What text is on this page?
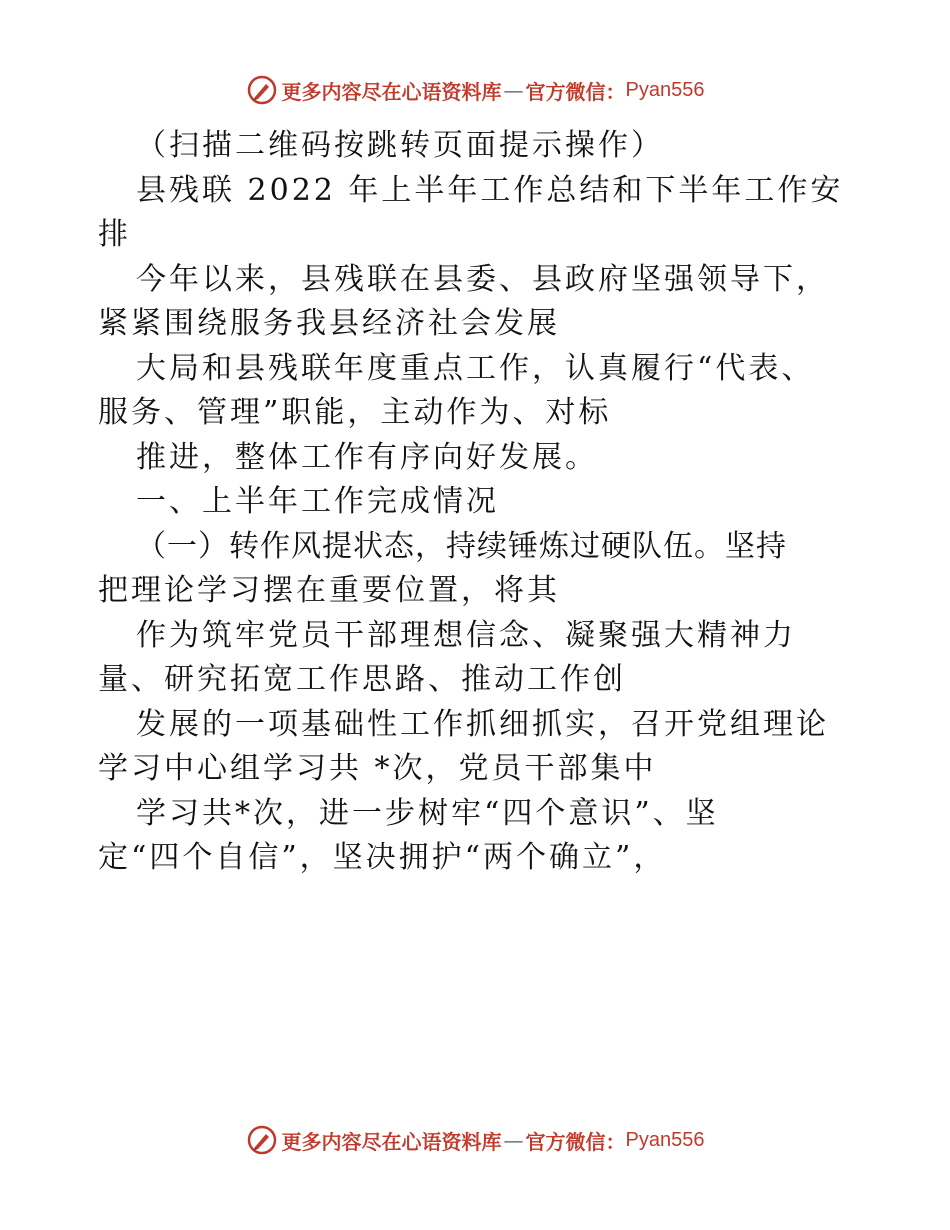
更多内容尽在心语资料库 — 官方微信： Pyan556
（扫描二维码按跳转页面提示操作）
县残联 2022 年上半年工作总结和下半年工作安
排
今年以来，县残联在县委、县政府坚强领导下，
紧紧围绕服务我县经济社会发展
大局和县残联年度重点工作，认真履行“代表、
服务、管理”职能，主动作为、对标
推进，整体工作有序向好发展。
一、上半年工作完成情况
（一）转作风提状态，持续锤炼过硬队伍。坚持
把理论学习摆在重要位置，将其
作为筑牢党员干部理想信念、凝聚强大精神力
量、研究拓宽工作思路、推动工作创
发展的一项基础性工作抓细抓实，召开党组理论
学习中心组学习共 *次，党员干部集中
学习共*次，进一步树牢“四个意识”、坚
定“四个自信”，坚决拥护“两个确立”，
更多内容尽在心语资料库 — 官方微信： Pyan556
